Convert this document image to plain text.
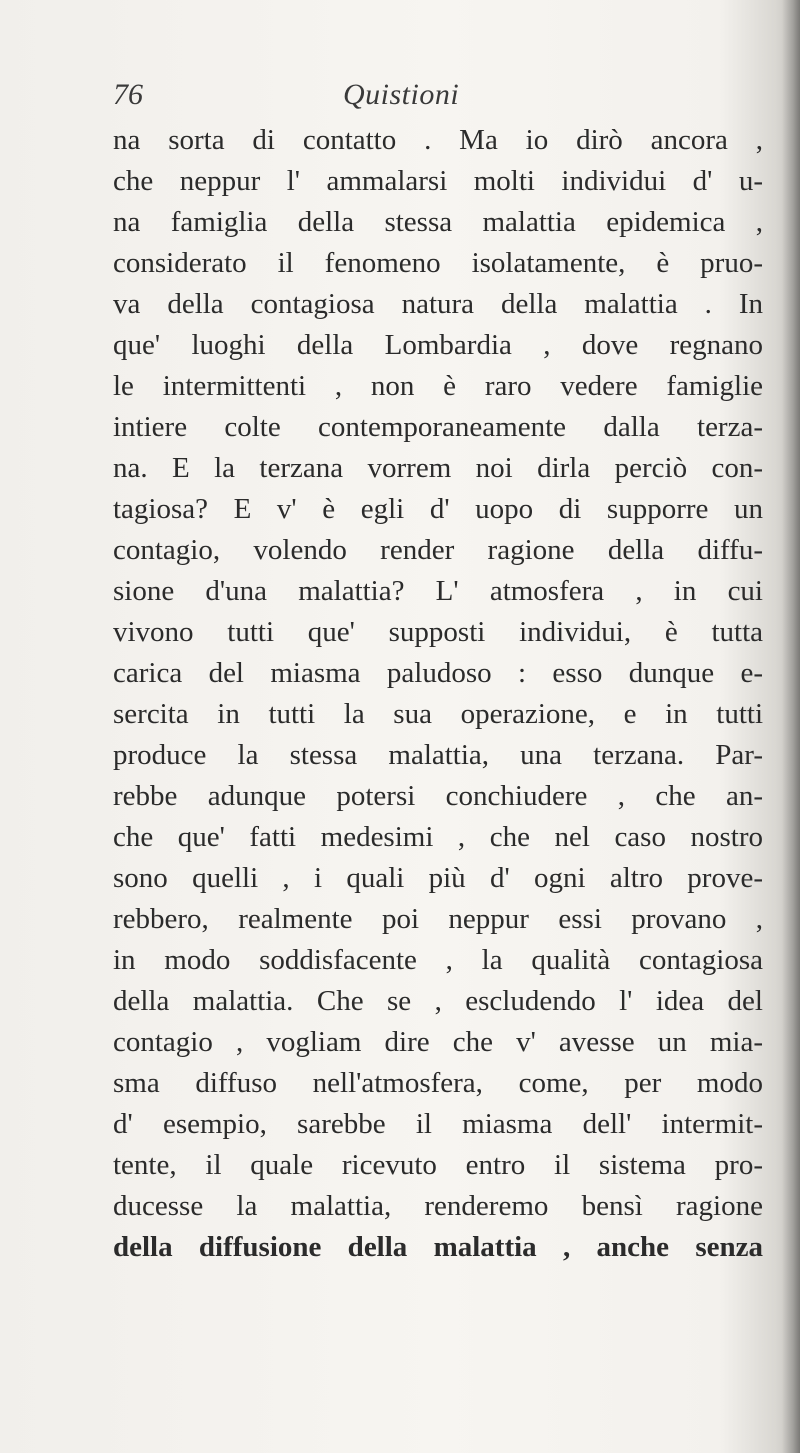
76	Quistioni
na sorta di contatto . Ma io dirò ancora ,
che neppur l' ammalarsi molti individui d' u-
na famiglia della stessa malattia epidemica ,
considerato il fenomeno isolatamente, è pruo-
va della contagiosa natura della malattia . In
que' luoghi della Lombardia , dove regnano
le intermittenti , non è raro vedere famiglie
intiere colte contemporaneamente dalla terza-
na. E la terzana vorrem noi dirla perciò con-
tagiosa? E v' è egli d' uopo di supporre un
contagio, volendo render ragione della diffu-
sione d'una malattia? L' atmosfera , in cui
vivono tutti que' supposti individui, è tutta
carica del miasma paludoso : esso dunque e-
sercita in tutti la sua operazione, e in tutti
produce la stessa malattia, una terzana. Par-
rebbe adunque potersi conchiudere , che an-
che que' fatti medesimi , che nel caso nostro
sono quelli , i quali più d' ogni altro prove-
rebbero, realmente poi neppur essi provano ,
in modo soddisfacente , la qualità contagiosa
della malattia. Che se , escludendo l' idea del
contagio , vogliam dire che v' avesse un mia-
sma diffuso nell'atmosfera, come, per modo
d' esempio, sarebbe il miasma dell' intermit-
tente, il quale ricevuto entro il sistema pro-
ducesse la malattia, renderemo bensì ragione
della diffusione della malattia , anche senza
